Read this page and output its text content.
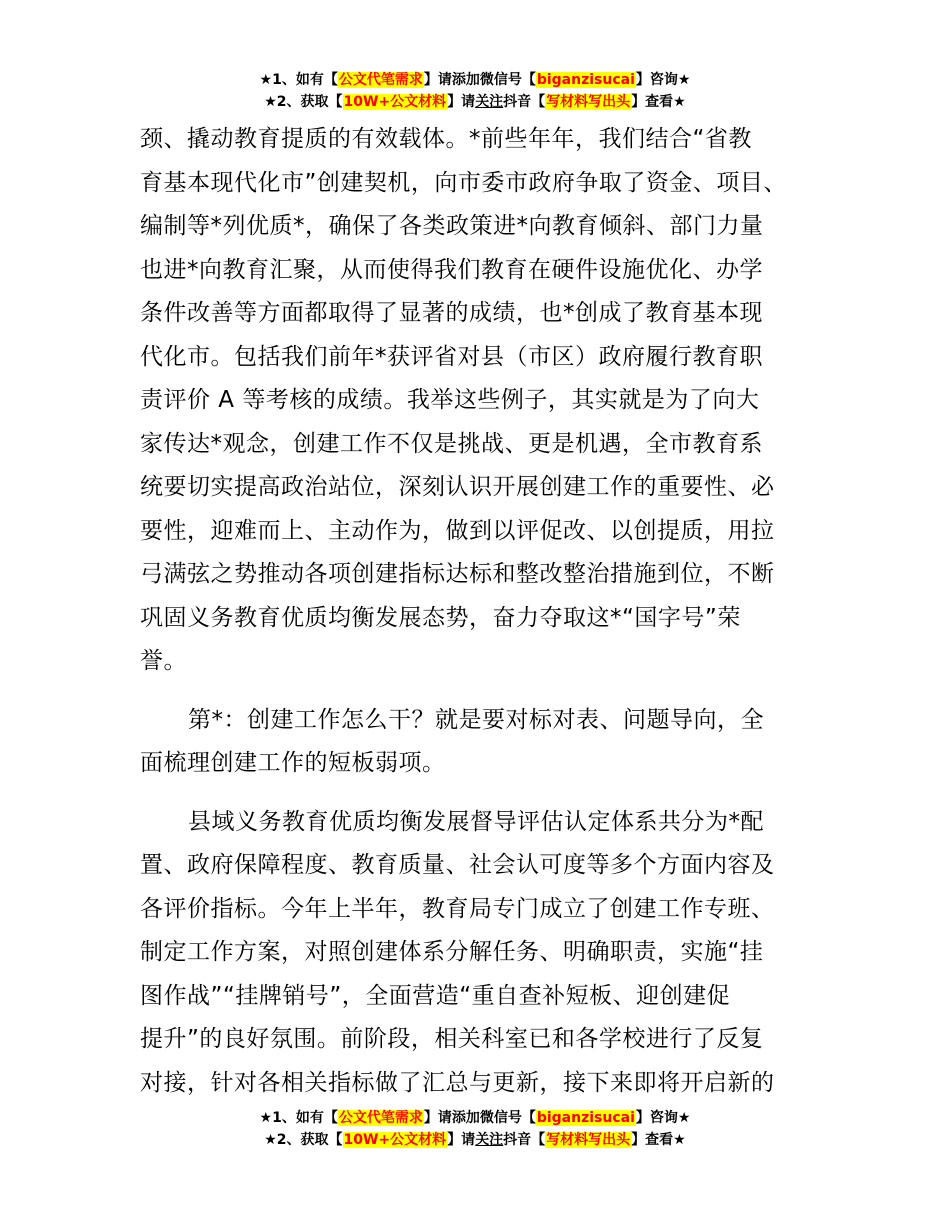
★1、如有【公文代笔需求】请添加微信号【biganzisucai】咨询★
★2、获取【10W+公文材料】请关注抖音【写材料写出头】查看★

颈、撬动教育提质的有效载体。*前些年年，我们结合“省教
育基本现代化市”创建契机，向市委市政府争取了资金、项目、
编制等*列优质*，确保了各类政策进*向教育倾斜、部门力量
也进*向教育汇聚，从而使得我们教育在硬件设施优化、办学
条件改善等方面都取得了显著的成绩，也*创成了教育基本现
代化市。包括我们前年*获评省对县（市区）政府履行教育职
责评价 A 等考核的成绩。我举这些例子，其实就是为了向大
家传达*观念，创建工作不仅是挑战、更是机遇，全市教育系
统要切实提高政治站位，深刻认识开展创建工作的重要性、必
要性，迎难而上、主动作为，做到以评促改、以创提质，用拉
弓满弦之势推动各项创建指标达标和整改整治措施到位，不断
巩固义务教育优质均衡发展态势，奋力夺取这*“国字号”荣
誉。

第*：创建工作怎么干？就是要对标对表、问题导向，全
面梳理创建工作的短板弱项。

县域义务教育优质均衡发展督导评估认定体系共分为*配
置、政府保障程度、教育质量、社会认可度等多个方面内容及
各评价指标。今年上半年，教育局专门成立了创建工作专班、
制定工作方案，对照创建体系分解任务、明确职责，实施“挂
图作战”“挂牌销号”，全面营造“重自查补短板、迎创建促
提升”的良好氛围。前阶段，相关科室已和各学校进行了反复
对接，针对各相关指标做了汇总与更新，接下来即将开启新的

★1、如有【公文代笔需求】请添加微信号【biganzisucai】咨询★
★2、获取【10W+公文材料】请关注抖音【写材料写出头】查看★
